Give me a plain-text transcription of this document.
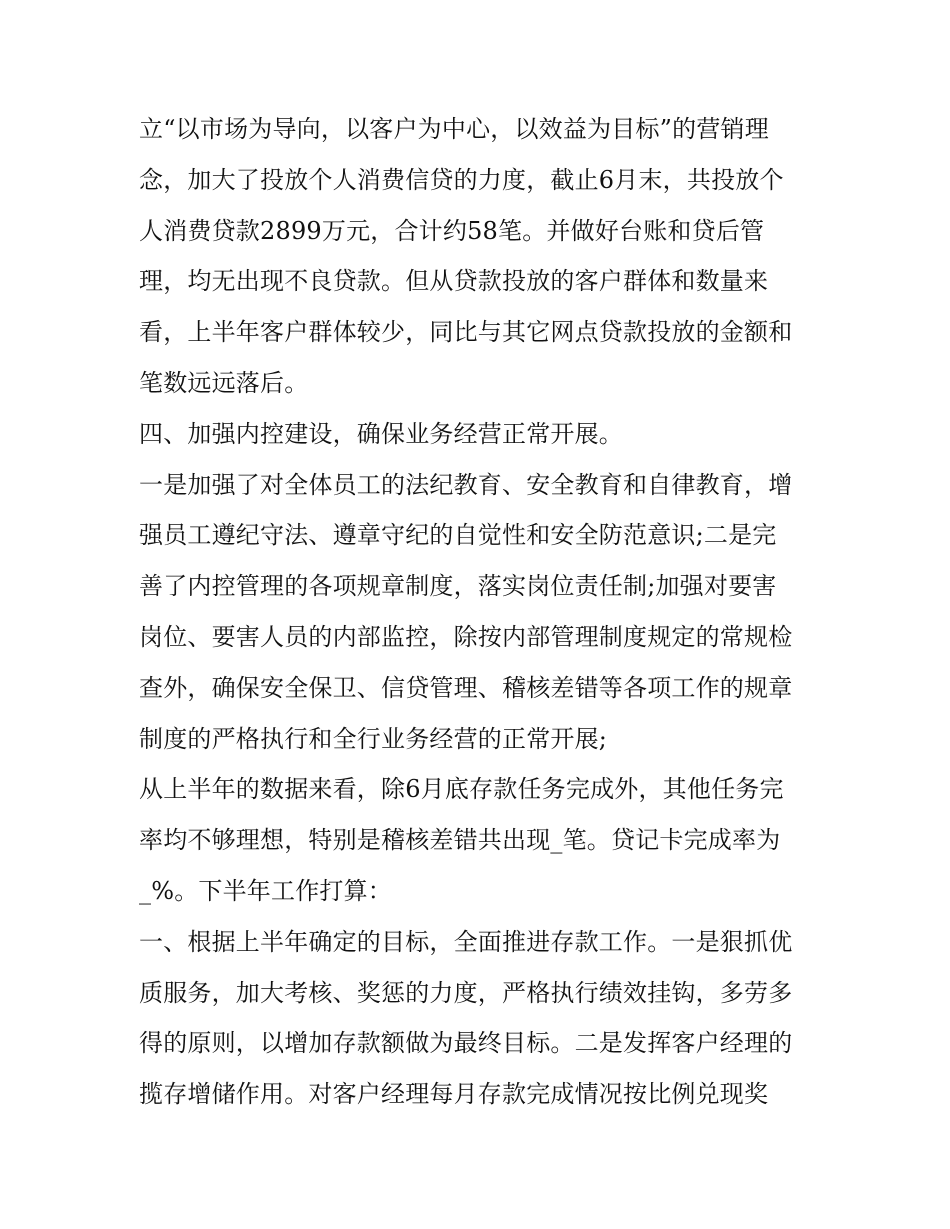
立“以市场为导向，以客户为中心，以效益为目标”的营销理
念，加大了投放个人消费信贷的力度，截止6月末，共投放个
人消费贷款2899万元，合计约58笔。并做好台账和贷后管
理，均无出现不良贷款。但从贷款投放的客户群体和数量来
看，上半年客户群体较少，同比与其它网点贷款投放的金额和
笔数远远落后。
四、加强内控建设，确保业务经营正常开展。
一是加强了对全体员工的法纪教育、安全教育和自律教育，增
强员工遵纪守法、遵章守纪的自觉性和安全防范意识;二是完
善了内控管理的各项规章制度，落实岗位责任制;加强对要害
岗位、要害人员的内部监控，除按内部管理制度规定的常规检
查外，确保安全保卫、信贷管理、稽核差错等各项工作的规章
制度的严格执行和全行业务经营的正常开展;
从上半年的数据来看，除6月底存款任务完成外，其他任务完
率均不够理想，特别是稽核差错共出现_笔。贷记卡完成率为
_%。下半年工作打算：
一、根据上半年确定的目标，全面推进存款工作。一是狠抓优
质服务，加大考核、奖惩的力度，严格执行绩效挂钩，多劳多
得的原则，以增加存款额做为最终目标。二是发挥客户经理的
揽存增储作用。对客户经理每月存款完成情况按比例兑现奖
